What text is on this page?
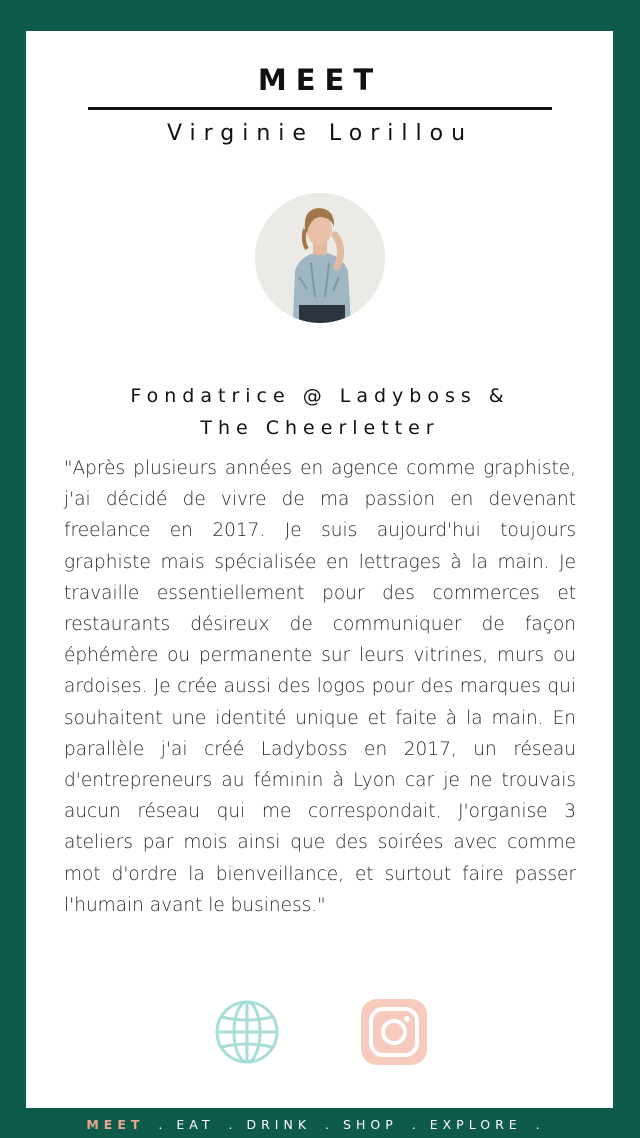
MEET
Virginie Lorillou
Fondatrice @ Ladyboss &
The Cheerletter
"Après plusieurs années en agence comme graphiste, j'ai décidé de vivre de ma passion en devenant freelance en 2017. Je suis aujourd'hui toujours graphiste mais spécialisée en lettrages à la main. Je travaille essentiellement pour des commerces et restaurants désireux de communiquer de façon éphémère ou permanente sur leurs vitrines, murs ou ardoises. Je crée aussi des logos pour des marques qui souhaitent une identité unique et faite à la main. En parallèle j'ai créé Ladyboss en 2017, un réseau d'entrepreneurs au féminin à Lyon car je ne trouvais aucun réseau qui me correspondait. J'organise 3 ateliers par mois ainsi que des soirées avec comme mot d'ordre la bienveillance, et surtout faire passer l'humain avant le business."
MEET . EAT . DRINK . SHOP . EXPLORE .
